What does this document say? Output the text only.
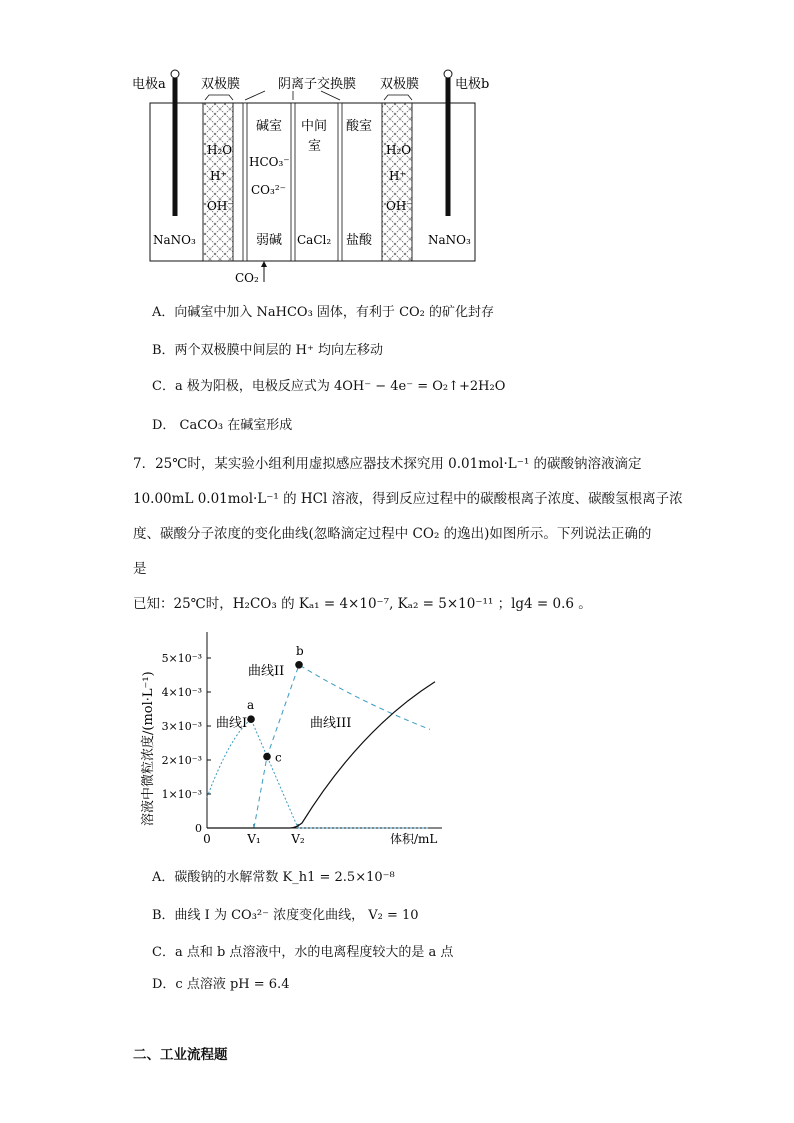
电极a	电极b
双极膜	阴离子交换膜 双极膜
H₂O
H⁺
OH⁻
H₂O
H⁺
OH⁻
NaNO₃	NaNO₃
碱室
HCO₃⁻
CO₃²⁻
弱碱
中间
室
CaCl₂
酸室
盐酸
CO₂
A．向碱室中加入 NaHCO₃ 固体，有利于 CO₂ 的矿化封存
B．两个双极膜中间层的 H⁺ 均向左移动
C．a 极为阳极，电极反应式为 4OH⁻ − 4e⁻ = O₂↑+2H₂O
D． CaCO₃ 在碱室形成
7．25℃时，某实验小组利用虚拟感应器技术探究用 0.01mol·L⁻¹ 的碳酸钠溶液滴定
10.00mL 0.01mol·L⁻¹ 的 HCl 溶液，得到反应过程中的碳酸根离子浓度、碳酸氢根离子浓
度、碳酸分子浓度的变化曲线(忽略滴定过程中 CO₂ 的逸出)如图所示。下列说法正确的
是
已知：25℃时，H₂CO₃ 的 Kₐ₁ = 4×10⁻⁷, Kₐ₂ = 5×10⁻¹¹ ；lg4 = 0.6 。
0
1×10⁻³
2×10⁻³
3×10⁻³
4×10⁻³
5×10⁻³
0	V₁	V₂
a
b
c
溶液中微粒浓度/(mol·L⁻¹)
体积/mL
曲线I
曲线II
曲线III
A．碳酸钠的水解常数 K_h1 = 2.5×10⁻⁸
B．曲线 I 为 CO₃²⁻ 浓度变化曲线， V₂ = 10
C．a 点和 b 点溶液中，水的电离程度较大的是 a 点
D．c 点溶液 pH = 6.4
二、工业流程题
